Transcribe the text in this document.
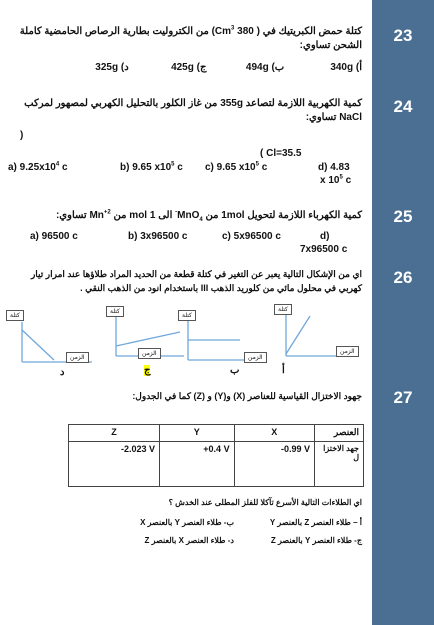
23
24
25
26
27
كتلة حمض الكبريتيك في ( 380 Cm$^3$) من الكتروليت بطارية الرصاص الحامضية كاملة
الشحن تساوي:
أ) 340g ب) 494g ج) 425g د) 325g
كمية الكهربية اللازمة لتصاعد 355g من غاز الكلور بالتحليل الكهربي لمصهور لمركب
NaCl تساوي:
)
( Cl=35.5
a) $9.25x10^4$ c	b) 9.65 $x10^5$ c c) 9.65 $x10^5$ c	d) 4.83
x $10^5$ c
كمية الكهرباء اللازمة لتحويل 1mol من MnO$_4$- الى 1 mol من $Mn^{+2}$ تساوي:
a) 96500 c	b) 3x96500 c	c) 5x96500 c	d)
7x96500 c
اي من الإشكال التالية يعبر عن التغير في كتلة قطعة من الحديد المراد طلاؤها عند امرار تيار
كهربي في محلول مائي من كلوريد الذهب III باستخدام انود من الذهب النقي .
كتلة
الزمن
د
كتلة
الزمن
ج
كتلة
الزمن
ب
كتلة
الزمن
أ
جهود الاختزال القياسية للعناصر (X) و(Y) و (Z) كما في الجدول:
Z	Y	X	العنصر
-2.023 V	+0.4 V	-0.99 V	جهد الاختزا ل
اي الطلاءات التالية الأسرع تآكلا للفلز المطلى عند الخدش ؟
أ – طلاء العنصر Z بالعنصر Y
ب- طلاء العنصر Y بالعنصر X
ج- طلاء العنصر Y بالعنصر Z
د- طلاء العنصر X بالعنصر Z
